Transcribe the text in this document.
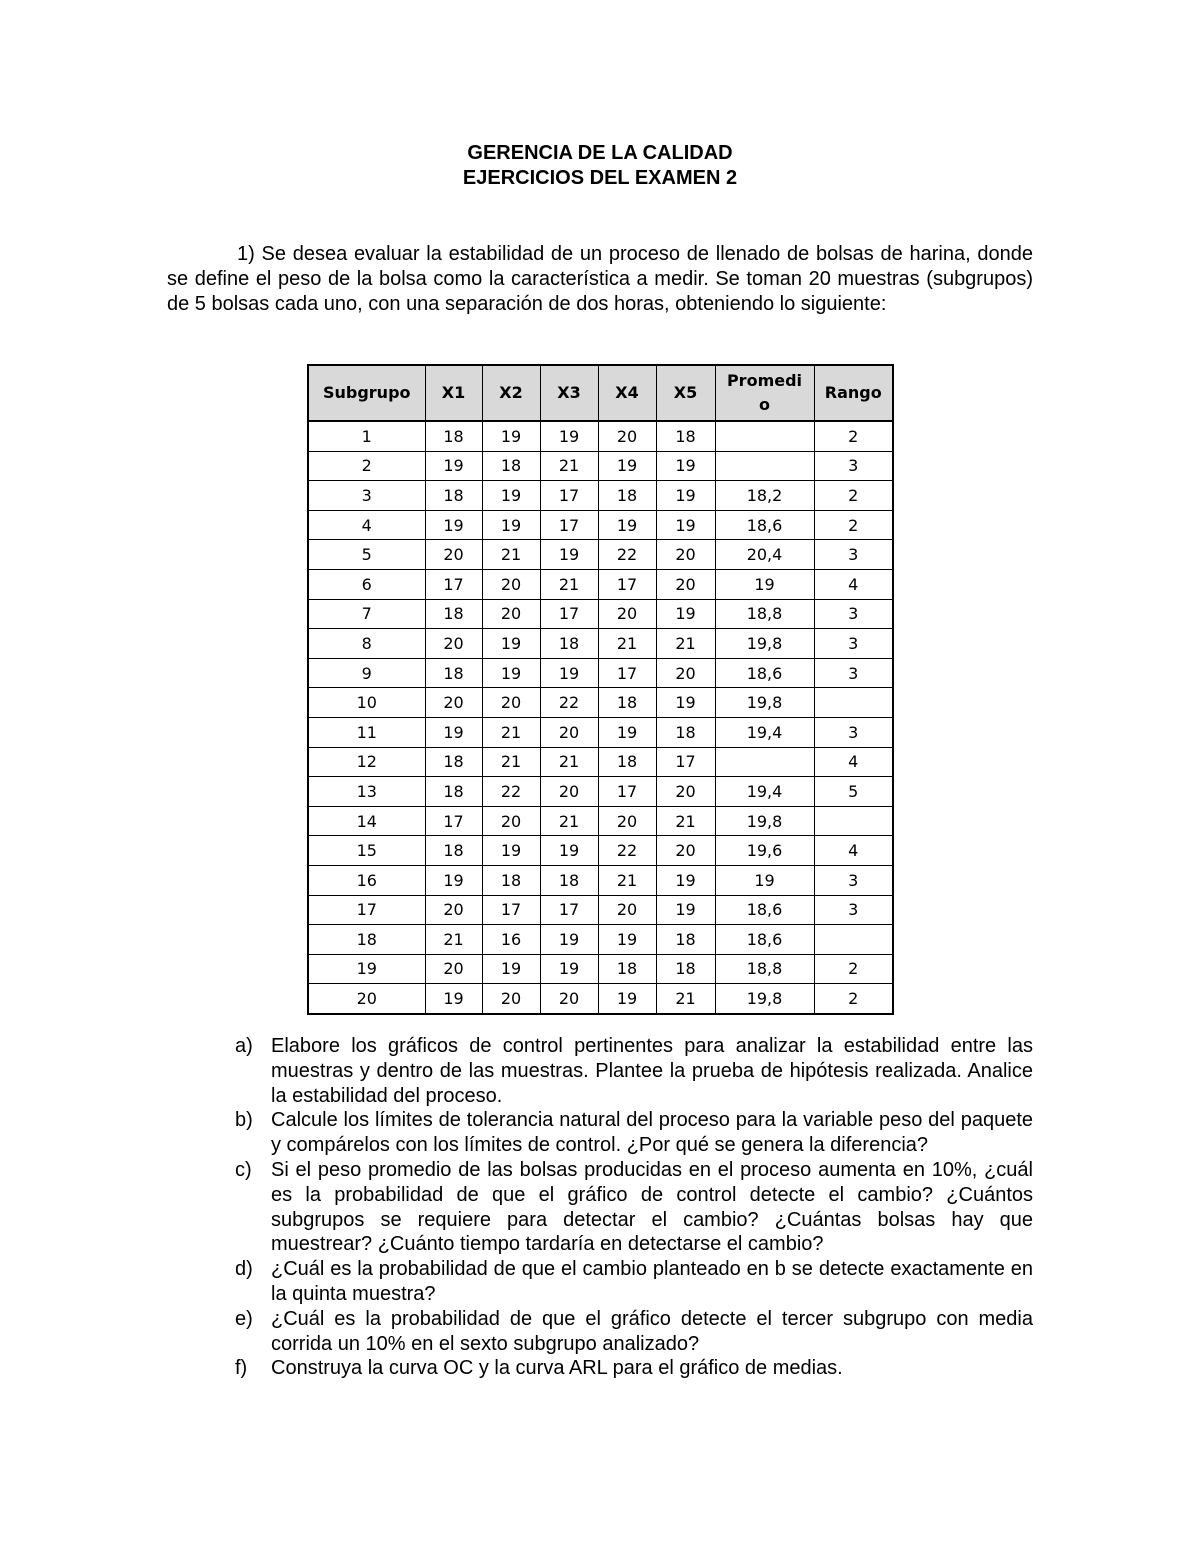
GERENCIA DE LA CALIDAD
EJERCICIOS DEL EXAMEN 2

1) Se desea evaluar la estabilidad de un proceso de llenado de bolsas de harina, donde se define el peso de la bolsa como la característica a medir. Se toman 20 muestras (subgrupos) de 5 bolsas cada uno, con una separación de dos horas, obteniendo lo siguiente:

Subgrupo	X1	X2	X3	X4	X5	Promedio	Rango
1	18	19	19	20	18		2
2	19	18	21	19	19		3
3	18	19	17	18	19	18,2	2
4	19	19	17	19	19	18,6	2
5	20	21	19	22	20	20,4	3
6	17	20	21	17	20	19	4
7	18	20	17	20	19	18,8	3
8	20	19	18	21	21	19,8	3
9	18	19	19	17	20	18,6	3
10	20	20	22	18	19	19,8	
11	19	21	20	19	18	19,4	3
12	18	21	21	18	17		4
13	18	22	20	17	20	19,4	5
14	17	20	21	20	21	19,8	
15	18	19	19	22	20	19,6	4
16	19	18	18	21	19	19	3
17	20	17	17	20	19	18,6	3
18	21	16	19	19	18	18,6	
19	20	19	19	18	18	18,8	2
20	19	20	20	19	21	19,8	2
a) Elabore los gráficos de control pertinentes para analizar la estabilidad entre las muestras y dentro de las muestras. Plantee la prueba de hipótesis realizada. Analice la estabilidad del proceso.
b) Calcule los límites de tolerancia natural del proceso para la variable peso del paquete y compárelos con los límites de control. ¿Por qué se genera la diferencia?
c) Si el peso promedio de las bolsas producidas en el proceso aumenta en 10%, ¿cuál es la probabilidad de que el gráfico de control detecte el cambio? ¿Cuántos subgrupos se requiere para detectar el cambio? ¿Cuántas bolsas hay que muestrear? ¿Cuánto tiempo tardaría en detectarse el cambio?
d) ¿Cuál es la probabilidad de que el cambio planteado en b se detecte exactamente en la quinta muestra?
e) ¿Cuál es la probabilidad de que el gráfico detecte el tercer subgrupo con media corrida un 10% en el sexto subgrupo analizado?
f)	Construya la curva OC y la curva ARL para el gráfico de medias.
